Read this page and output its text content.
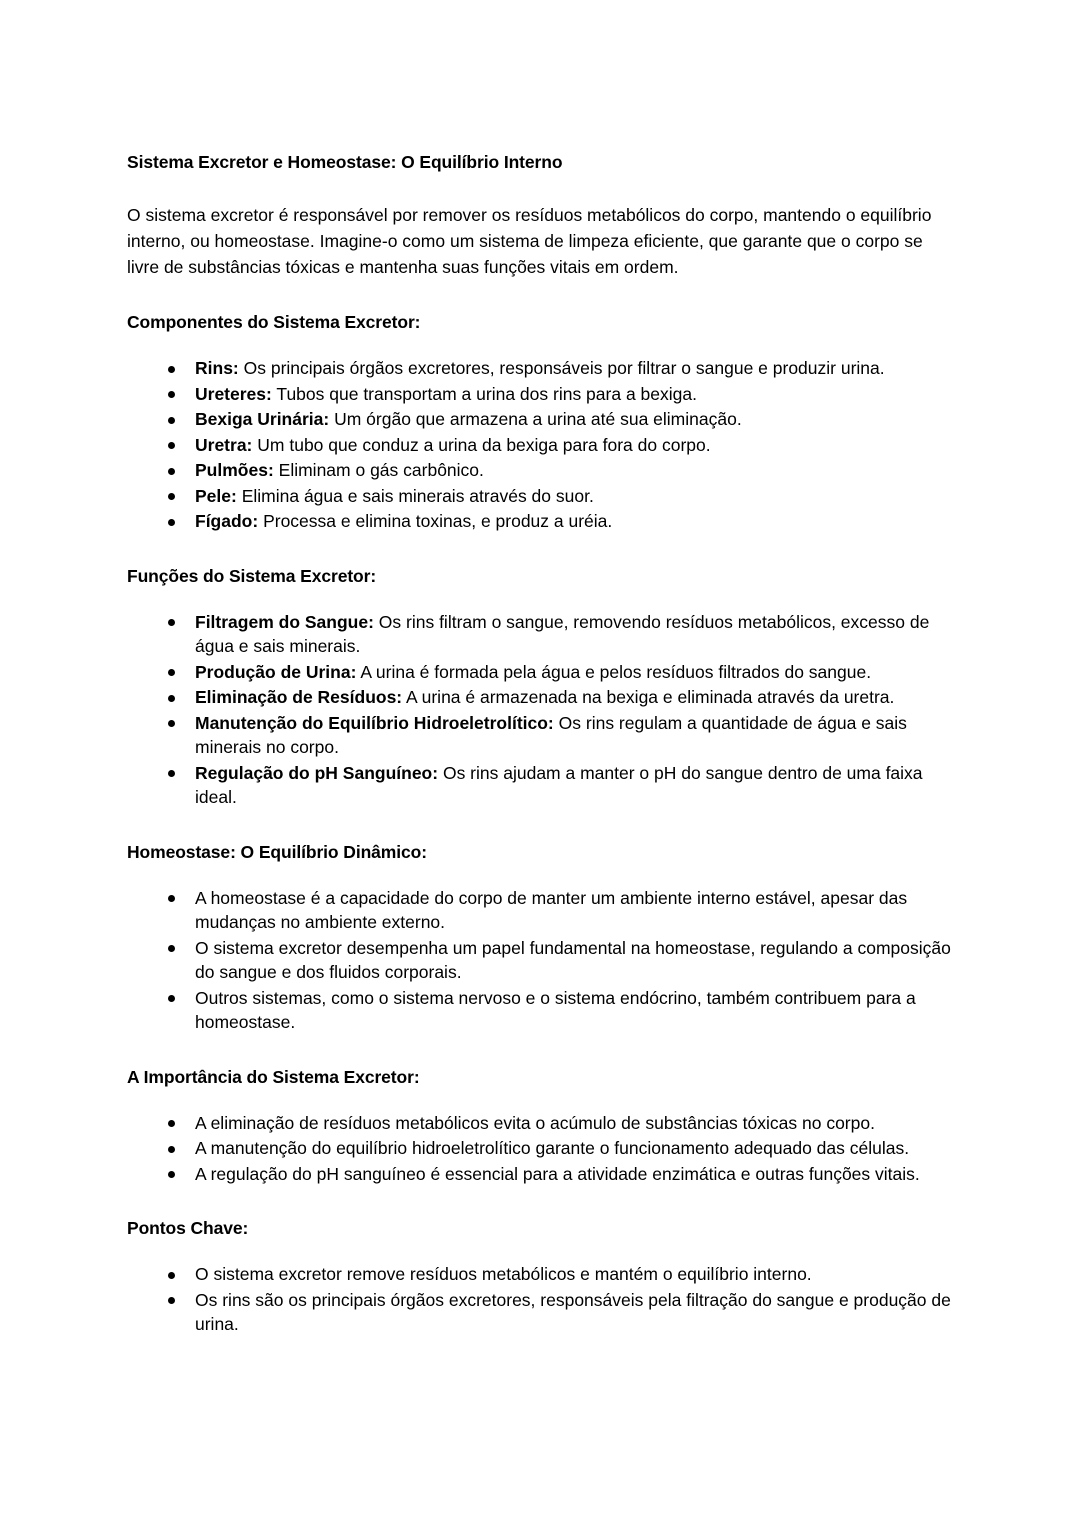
Sistema Excretor e Homeostase: O Equilíbrio Interno

O sistema excretor é responsável por remover os resíduos metabólicos do corpo, mantendo o equilíbrio interno, ou homeostase. Imagine-o como um sistema de limpeza eficiente, que garante que o corpo se livre de substâncias tóxicas e mantenha suas funções vitais em ordem.

Componentes do Sistema Excretor:
Rins: Os principais órgãos excretores, responsáveis por filtrar o sangue e produzir urina.
Ureteres: Tubos que transportam a urina dos rins para a bexiga.
Bexiga Urinária: Um órgão que armazena a urina até sua eliminação.
Uretra: Um tubo que conduz a urina da bexiga para fora do corpo.
Pulmões: Eliminam o gás carbônico.
Pele: Elimina água e sais minerais através do suor.
Fígado: Processa e elimina toxinas, e produz a uréia.
Funções do Sistema Excretor:
Filtragem do Sangue: Os rins filtram o sangue, removendo resíduos metabólicos, excesso de água e sais minerais.
Produção de Urina: A urina é formada pela água e pelos resíduos filtrados do sangue.
Eliminação de Resíduos: A urina é armazenada na bexiga e eliminada através da uretra.
Manutenção do Equilíbrio Hidroeletrolítico: Os rins regulam a quantidade de água e sais minerais no corpo.
Regulação do pH Sanguíneo: Os rins ajudam a manter o pH do sangue dentro de uma faixa ideal.
Homeostase: O Equilíbrio Dinâmico:
A homeostase é a capacidade do corpo de manter um ambiente interno estável, apesar das mudanças no ambiente externo.
O sistema excretor desempenha um papel fundamental na homeostase, regulando a composição do sangue e dos fluidos corporais.
Outros sistemas, como o sistema nervoso e o sistema endócrino, também contribuem para a homeostase.
A Importância do Sistema Excretor:
A eliminação de resíduos metabólicos evita o acúmulo de substâncias tóxicas no corpo.
A manutenção do equilíbrio hidroeletrolítico garante o funcionamento adequado das células.
A regulação do pH sanguíneo é essencial para a atividade enzimática e outras funções vitais.
Pontos Chave:
O sistema excretor remove resíduos metabólicos e mantém o equilíbrio interno.
Os rins são os principais órgãos excretores, responsáveis pela filtração do sangue e produção de urina.
